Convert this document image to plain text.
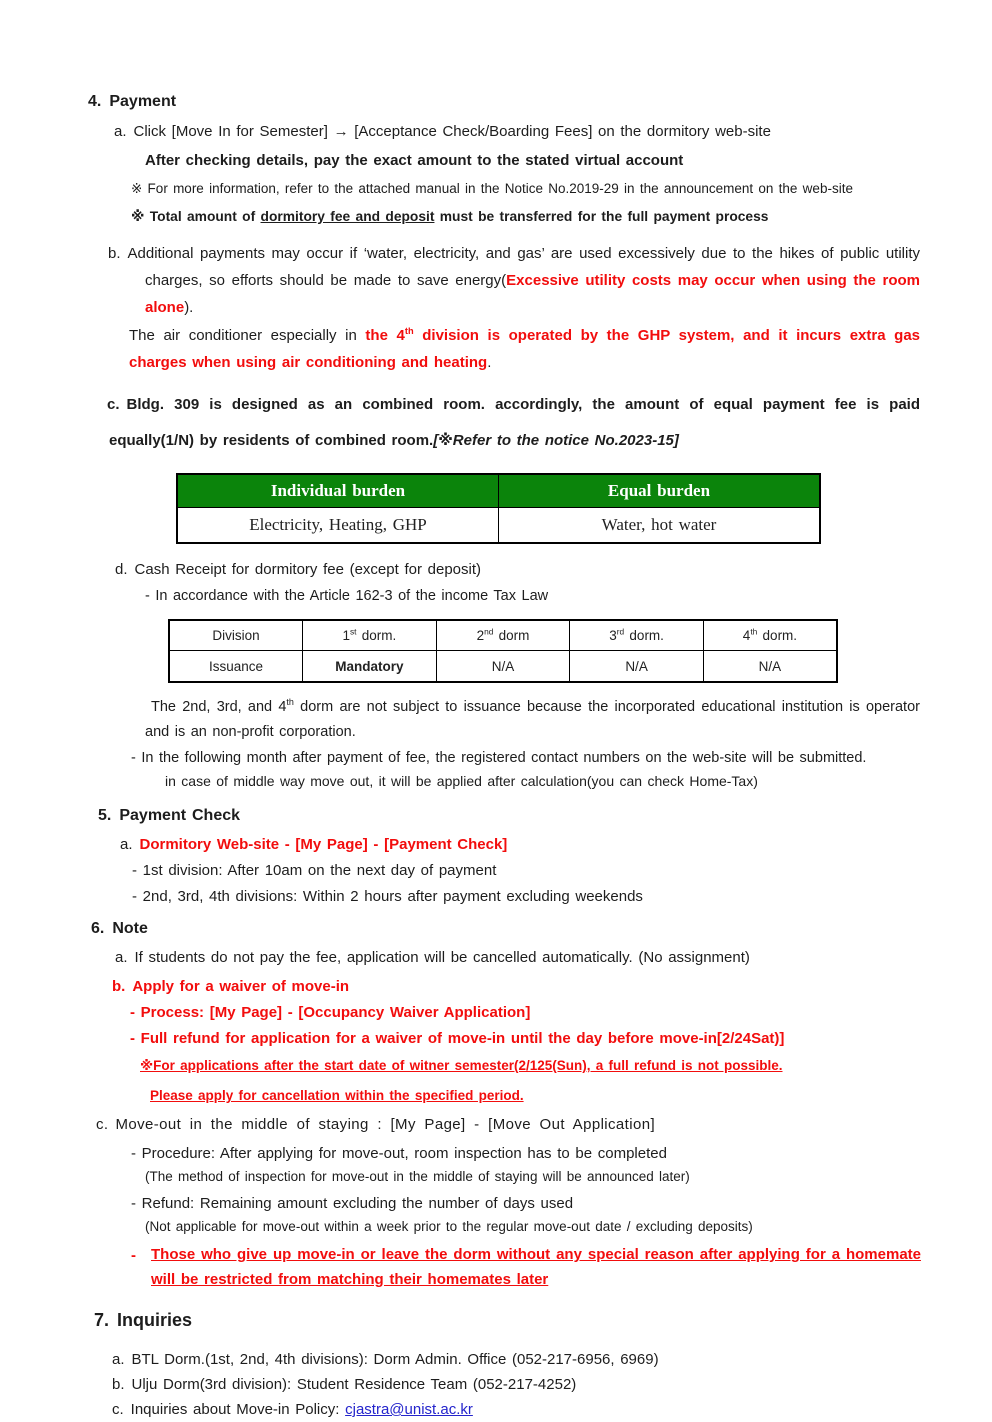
4. Payment
a. Click [Move In for Semester] → [Acceptance Check/Boarding Fees] on the dormitory web-site
After checking details, pay the exact amount to the stated virtual account
※ For more information, refer to the attached manual in the Notice No.2019-29 in the announcement on the web-site
※ Total amount of dormitory fee and deposit must be transferred for the full payment process
b. Additional payments may occur if ‘water, electricity, and gas’ are used excessively due to the hikes of public utility charges, so efforts should be made to save energy(Excessive utility costs may occur when using the room alone).
The air conditioner especially in the 4th division is operated by the GHP system, and it incurs extra gas charges when using air conditioning and heating.
c. Bldg. 309 is designed as an combined room. accordingly, the amount of equal payment fee is paid equally(1/N) by residents of combined room.[※Refer to the notice No.2023-15]
Individual burden	Equal burden
Electricity, Heating, GHP	Water, hot water
d. Cash Receipt for dormitory fee (except for deposit)
- In accordance with the Article 162-3 of the income Tax Law
Division	1st dorm.	2nd dorm	3rd dorm.	4th dorm.
Issuance	Mandatory	N/A	N/A	N/A
The 2nd, 3rd, and 4th dorm are not subject to issuance because the incorporated educational institution is operator and is an non-profit corporation.
- In the following month after payment of fee, the registered contact numbers on the web-site will be submitted.
in case of middle way move out, it will be applied after calculation(you can check Home-Tax)
5. Payment Check
a. Dormitory Web-site - [My Page] - [Payment Check]
- 1st division: After 10am on the next day of payment
- 2nd, 3rd, 4th divisions: Within 2 hours after payment excluding weekends
6. Note
a. If students do not pay the fee, application will be cancelled automatically. (No assignment)
b. Apply for a waiver of move-in
- Process: [My Page] - [Occupancy Waiver Application]
- Full refund for application for a waiver of move-in until the day before move-in[2/24Sat)]
※For applications after the start date of witner semester(2/125(Sun), a full refund is not possible.
Please apply for cancellation within the specified period.
c. Move-out in the middle of staying : [My Page] - [Move Out Application]
- Procedure: After applying for move-out, room inspection has to be completed
(The method of inspection for move-out in the middle of staying will be announced later)
- Refund: Remaining amount excluding the number of days used
(Not applicable for move-out within a week prior to the regular move-out date / excluding deposits)
-	Those who give up move-in or leave the dorm without any special reason after applying for a homemate will be restricted from matching their homemates later
7. Inquiries
a. BTL Dorm.(1st, 2nd, 4th divisions): Dorm Admin. Office (052-217-6956, 6969)
b. Ulju Dorm(3rd division): Student Residence Team (052-217-4252)
c. Inquiries about Move-in Policy: cjastra@unist.ac.kr
